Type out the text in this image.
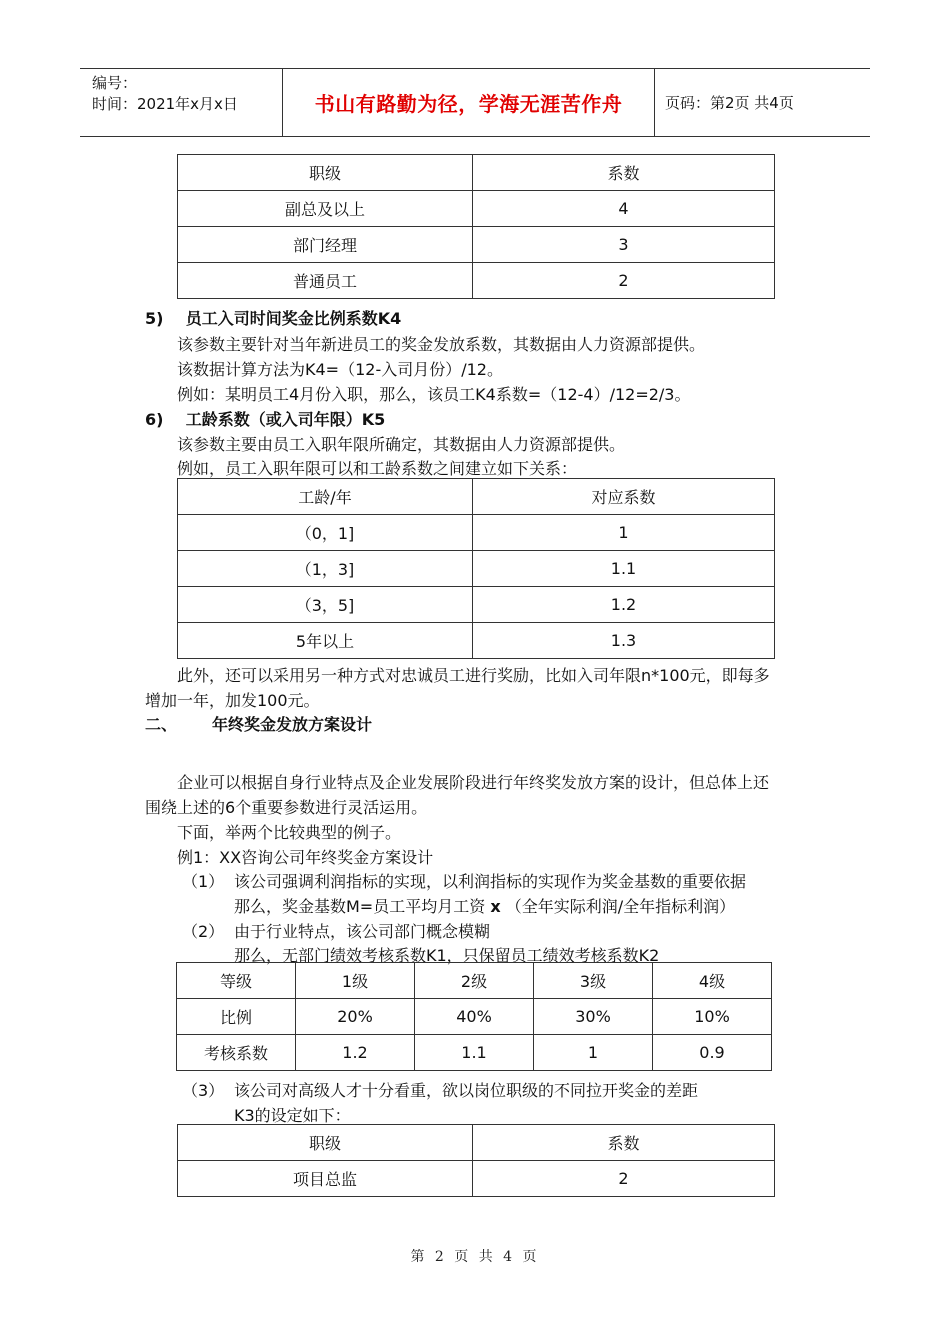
编号：
时间：2021年x月x日	书山有路勤为径，学海无涯苦作舟	页码：第2页 共4页
职级	系数
副总及以上	4
部门经理	3
普通员工	2
5)    员工入司时间奖金比例系数K4
该参数主要针对当年新进员工的奖金发放系数，其数据由人力资源部提供。
该数据计算方法为K4=（12-入司月份）/12。
例如：某明员工4月份入职，那么，该员工K4系数=（12-4）/12=2/3。
6)    工龄系数（或入司年限）K5
该参数主要由员工入职年限所确定，其数据由人力资源部提供。
例如，员工入职年限可以和工龄系数之间建立如下关系：
工龄/年	对应系数
（0，1]	1
（1，3]	1.1
（3，5]	1.2
5年以上	1.3
此外，还可以采用另一种方式对忠诚员工进行奖励，比如入司年限n*100元，即每多
增加一年，加发100元。
二、 年终奖金发放方案设计
企业可以根据自身行业特点及企业发展阶段进行年终奖发放方案的设计，但总体上还
围绕上述的6个重要参数进行灵活运用。
下面，举两个比较典型的例子。
例1：XX咨询公司年终奖金方案设计
（1） 该公司强调利润指标的实现，以利润指标的实现作为奖金基数的重要依据
那么，奖金基数M=员工平均月工资 x （全年实际利润/全年指标利润）
（2） 由于行业特点，该公司部门概念模糊
那么，无部门绩效考核系数K1，只保留员工绩效考核系数K2
等级	1级	2级	3级	4级
比例	20%	40%	30%	10%
考核系数	1.2	1.1	1	0.9
（3） 该公司对高级人才十分看重，欲以岗位职级的不同拉开奖金的差距
K3的设定如下：
职级	系数
项目总监	2
第 2 页 共 4 页
